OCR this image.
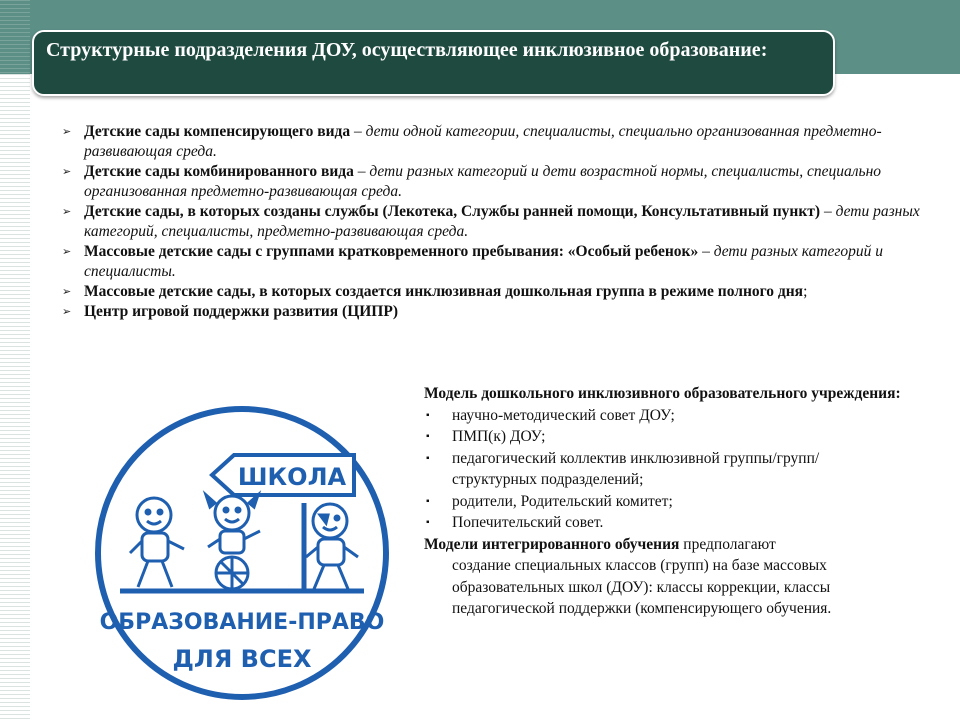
Структурные подразделения ДОУ, осуществляющее инклюзивное образование:

➢ Детские сады компенсирующего вида – дети одной категории, специалисты, специально организованная предметно-развивающая среда.
➢ Детские сады комбинированного вида – дети разных категорий и дети возрастной нормы, специалисты, специально организованная предметно-развивающая среда.
➢ Детские сады, в которых созданы службы (Лекотека, Службы ранней помощи, Консультативный пункт) – дети разных категорий, специалисты, предметно-развивающая среда.
➢ Массовые детские сады с группами кратковременного пребывания: «Особый ребенок» – дети разных категорий и специалисты.
➢ Массовые детские сады, в которых создается инклюзивная дошкольная группа в режиме полного дня;
➢ Центр игровой поддержки развития (ЦИПР)
ШКОЛА
ОБРАЗОВАНИЕ-ПРАВО
ДЛЯ ВСЕХ

Модель дошкольного инклюзивного образовательного учреждения:

▪ научно-методический совет ДОУ;
▪ ПМП(к) ДОУ;
▪ педагогический коллектив инклюзивной группы/групп/структурных подразделений;
▪ родители, Родительский комитет;
▪ Попечительский совет.

Модели интегрированного обучения предполагают

создание специальных классов (групп) на базе массовых образовательных школ (ДОУ): классы коррекции, классы педагогической поддержки (компенсирующего обучения.
